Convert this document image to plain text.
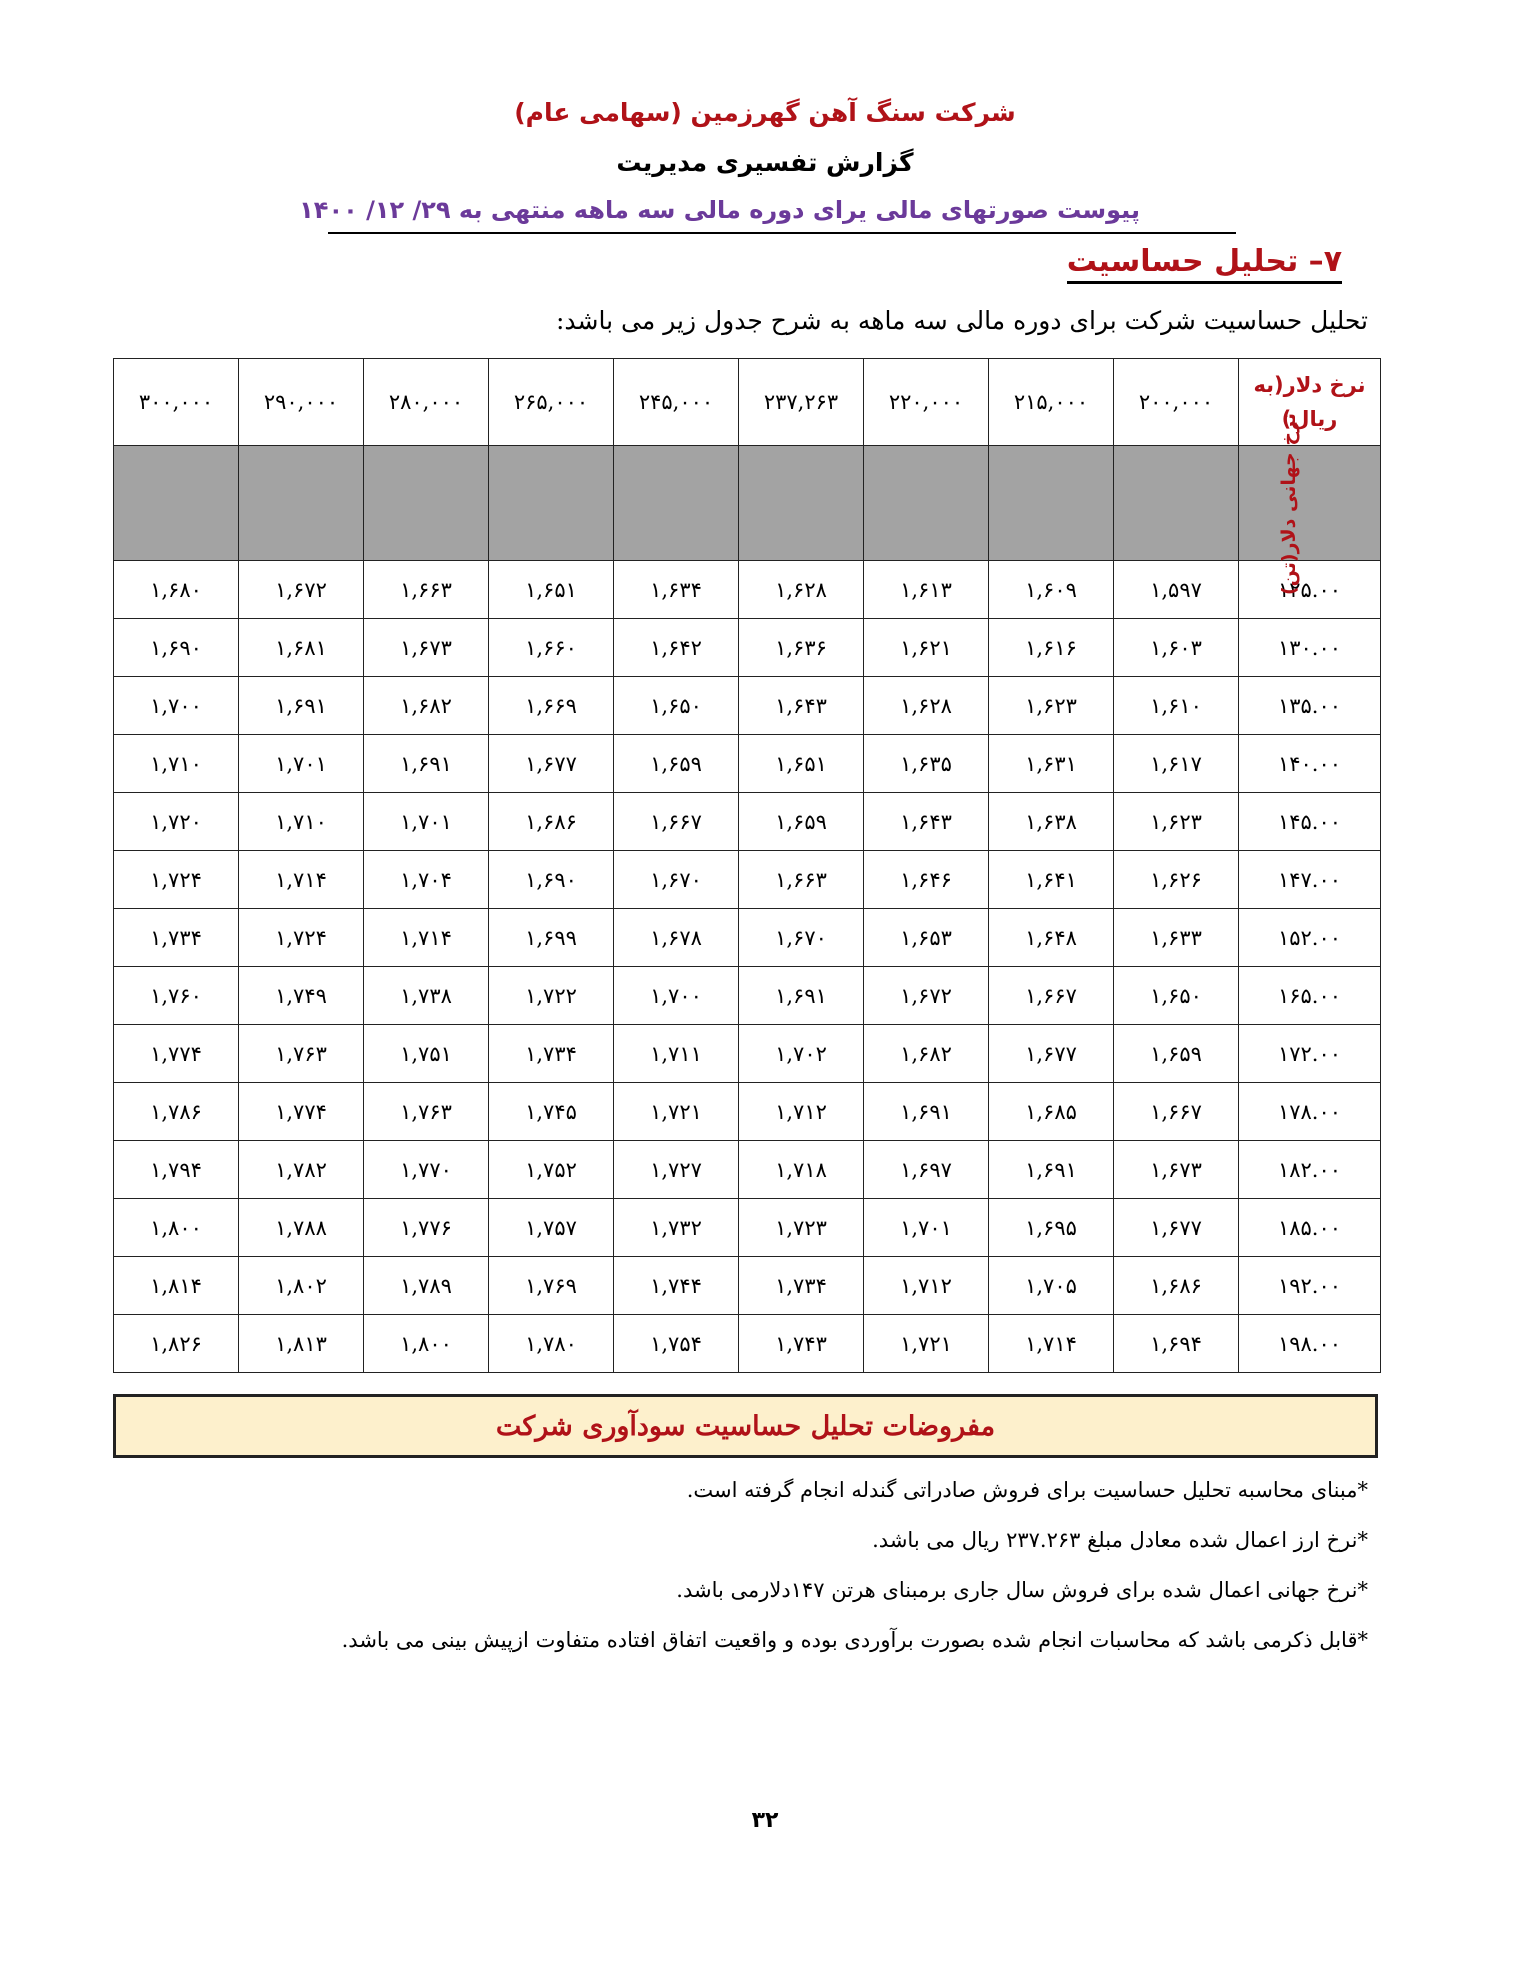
شرکت سنگ آهن گهرزمین (سهامی عام)
گزارش تفسیری مدیریت
پیوست صورتهای مالی یرای دوره مالی سه ماهه منتهی به ۲۹/ ۱۲/ ۱۴۰۰
۷– تحلیل حساسیت
تحلیل حساسیت شرکت برای دوره مالی سه ماهه به شرح جدول زیر می باشد:
نرخ دلار(به ریال)	۲۰۰,۰۰۰	۲۱۵,۰۰۰	۲۲۰,۰۰۰	۲۳۷,۲۶۳	۲۴۵,۰۰۰	۲۶۵,۰۰۰	۲۸۰,۰۰۰	۲۹۰,۰۰۰	۳۰۰,۰۰۰
نرخ جهانی دلار(تن)									
۱۲۵.۰۰	۱,۵۹۷	۱,۶۰۹	۱,۶۱۳	۱,۶۲۸	۱,۶۳۴	۱,۶۵۱	۱,۶۶۳	۱,۶۷۲	۱,۶۸۰
۱۳۰.۰۰	۱,۶۰۳	۱,۶۱۶	۱,۶۲۱	۱,۶۳۶	۱,۶۴۲	۱,۶۶۰	۱,۶۷۳	۱,۶۸۱	۱,۶۹۰
۱۳۵.۰۰	۱,۶۱۰	۱,۶۲۳	۱,۶۲۸	۱,۶۴۳	۱,۶۵۰	۱,۶۶۹	۱,۶۸۲	۱,۶۹۱	۱,۷۰۰
۱۴۰.۰۰	۱,۶۱۷	۱,۶۳۱	۱,۶۳۵	۱,۶۵۱	۱,۶۵۹	۱,۶۷۷	۱,۶۹۱	۱,۷۰۱	۱,۷۱۰
۱۴۵.۰۰	۱,۶۲۳	۱,۶۳۸	۱,۶۴۳	۱,۶۵۹	۱,۶۶۷	۱,۶۸۶	۱,۷۰۱	۱,۷۱۰	۱,۷۲۰
۱۴۷.۰۰	۱,۶۲۶	۱,۶۴۱	۱,۶۴۶	۱,۶۶۳	۱,۶۷۰	۱,۶۹۰	۱,۷۰۴	۱,۷۱۴	۱,۷۲۴
۱۵۲.۰۰	۱,۶۳۳	۱,۶۴۸	۱,۶۵۳	۱,۶۷۰	۱,۶۷۸	۱,۶۹۹	۱,۷۱۴	۱,۷۲۴	۱,۷۳۴
۱۶۵.۰۰	۱,۶۵۰	۱,۶۶۷	۱,۶۷۲	۱,۶۹۱	۱,۷۰۰	۱,۷۲۲	۱,۷۳۸	۱,۷۴۹	۱,۷۶۰
۱۷۲.۰۰	۱,۶۵۹	۱,۶۷۷	۱,۶۸۲	۱,۷۰۲	۱,۷۱۱	۱,۷۳۴	۱,۷۵۱	۱,۷۶۳	۱,۷۷۴
۱۷۸.۰۰	۱,۶۶۷	۱,۶۸۵	۱,۶۹۱	۱,۷۱۲	۱,۷۲۱	۱,۷۴۵	۱,۷۶۳	۱,۷۷۴	۱,۷۸۶
۱۸۲.۰۰	۱,۶۷۳	۱,۶۹۱	۱,۶۹۷	۱,۷۱۸	۱,۷۲۷	۱,۷۵۲	۱,۷۷۰	۱,۷۸۲	۱,۷۹۴
۱۸۵.۰۰	۱,۶۷۷	۱,۶۹۵	۱,۷۰۱	۱,۷۲۳	۱,۷۳۲	۱,۷۵۷	۱,۷۷۶	۱,۷۸۸	۱,۸۰۰
۱۹۲.۰۰	۱,۶۸۶	۱,۷۰۵	۱,۷۱۲	۱,۷۳۴	۱,۷۴۴	۱,۷۶۹	۱,۷۸۹	۱,۸۰۲	۱,۸۱۴
۱۹۸.۰۰	۱,۶۹۴	۱,۷۱۴	۱,۷۲۱	۱,۷۴۳	۱,۷۵۴	۱,۷۸۰	۱,۸۰۰	۱,۸۱۳	۱,۸۲۶
مفروضات تحلیل حساسیت سودآوری شرکت
*مبنای محاسبه تحلیل حساسیت برای فروش صادراتی گندله انجام گرفته است.
*نرخ ارز اعمال شده معادل مبلغ ۲۳۷.۲۶۳ ریال می باشد.
*نرخ جهانی اعمال شده برای فروش سال جاری برمبنای هرتن ۱۴۷دلارمی باشد.
*قابل ذکرمی باشد که محاسبات انجام شده بصورت برآوردی بوده و واقعیت اتفاق افتاده متفاوت ازپیش بینی می باشد.
۳۲
